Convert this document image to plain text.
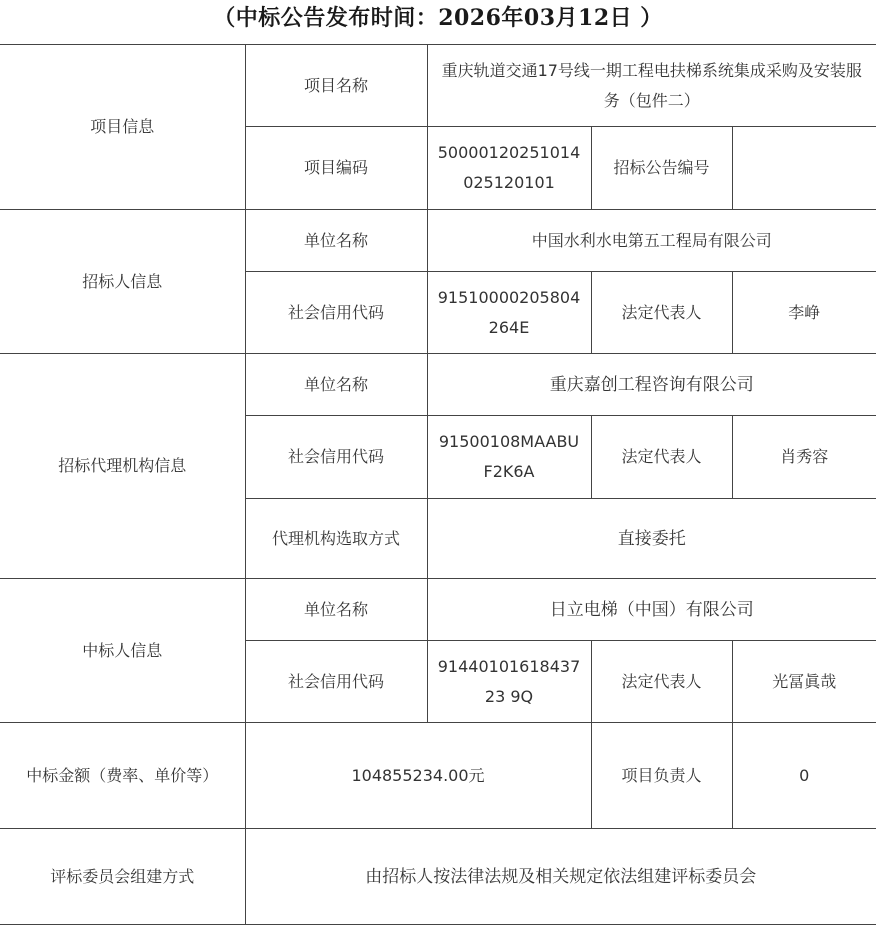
（中标公告发布时间：2026年03月12日 ）
项目信息	项目名称	重庆轨道交通17号线一期工程电扶梯系统集成采购及安装服务（包件二）		
	项目编码	50000120251014025120101	招标公告编号	
招标人信息	单位名称	中国水利水电第五工程局有限公司		
	社会信用代码	91510000205804264E	法定代表人	李峥
招标代理机构信息	单位名称	重庆嘉创工程咨询有限公司		
	社会信用代码	91500108MAABUF2K6A	法定代表人	肖秀容
	代理机构选取方式	直接委托		
中标人信息	单位名称	日立电梯（中国）有限公司		
	社会信用代码	9144010161843723 9Q	法定代表人	光冨眞哉
中标金额（费率、单价等）	104855234.00元		项目负责人	0
评标委员会组建方式	由招标人按法律法规及相关规定依法组建评标委员会			
